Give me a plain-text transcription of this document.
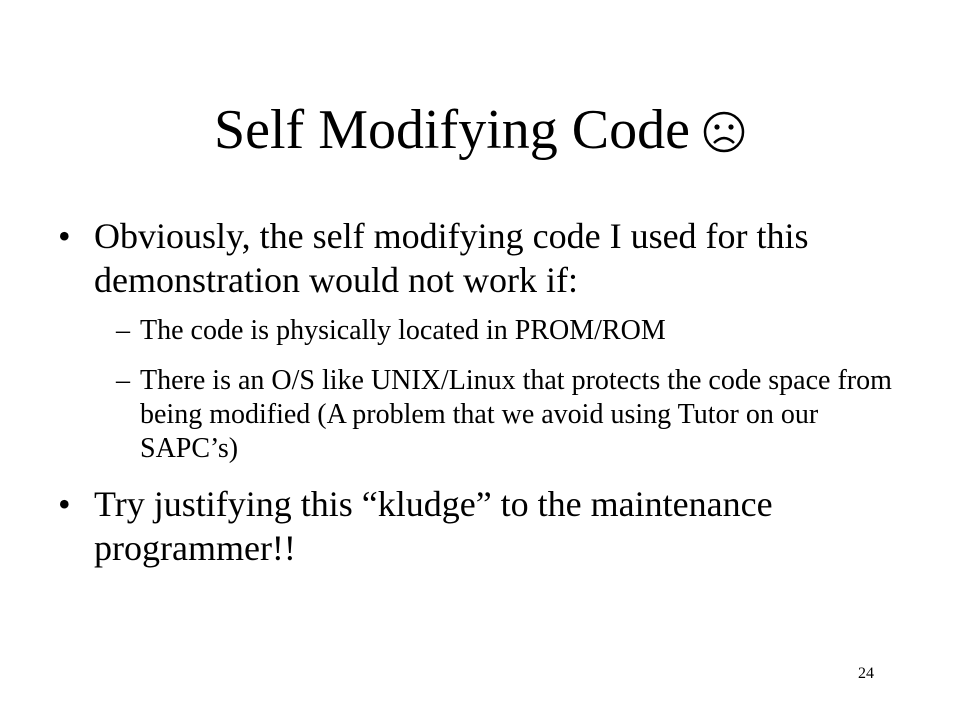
Self Modifying Code
• Obviously, the self modifying code I used for this demonstration would not work if:
– The code is physically located in PROM/ROM
– There is an O/S like UNIX/Linux that protects the code space from being modified (A problem that we avoid using Tutor on our SAPC’s)
• Try justifying this “kludge” to the maintenance programmer!!
24
